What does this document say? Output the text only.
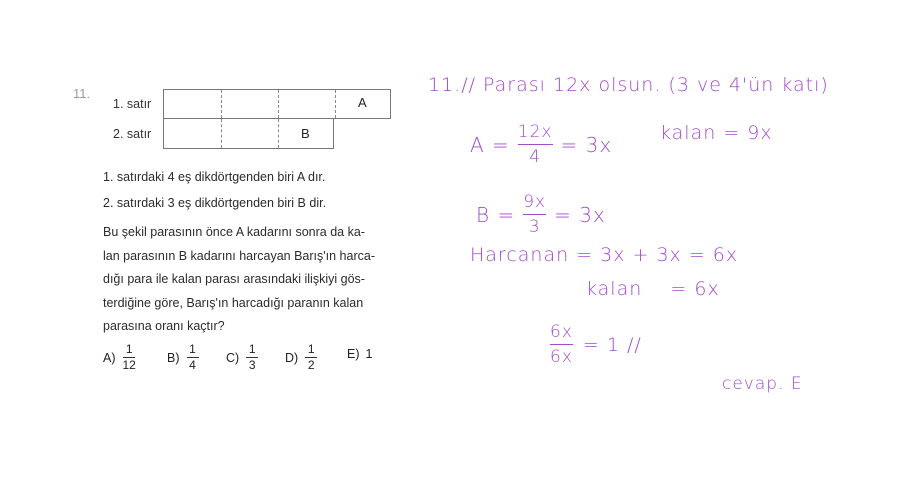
11.
1. satır	A
2. satır	B
1. satırdaki 4 eş dikdörtgenden biri A dır.
2. satırdaki 3 eş dikdörtgenden biri B dir.
Bu şekil parasının önce A kadarını sonra da ka-
lan parasının B kadarını harcayan Barış'ın harca-
dığı para ile kalan parası arasındaki ilişkiyi gös-
terdiğine göre, Barış'ın harcadığı paranın kalan
parasına oranı kaçtır?
$A) \frac{1}{12} B) \frac{1}{4} C) \frac{1}{3} D) \frac{1}{2} E$) 1
11.// Parası 12x olsun. (3 ve 4'ün katı)
$A = \frac{12x}{4} = 3x$	kalan = 9x
$B = \frac{9x}{3} = 3x$
Harcanan = 3x + 3x = 6x
kalan    = 6x
$\frac{6x}{6x} = 1$ //
cevap. E
